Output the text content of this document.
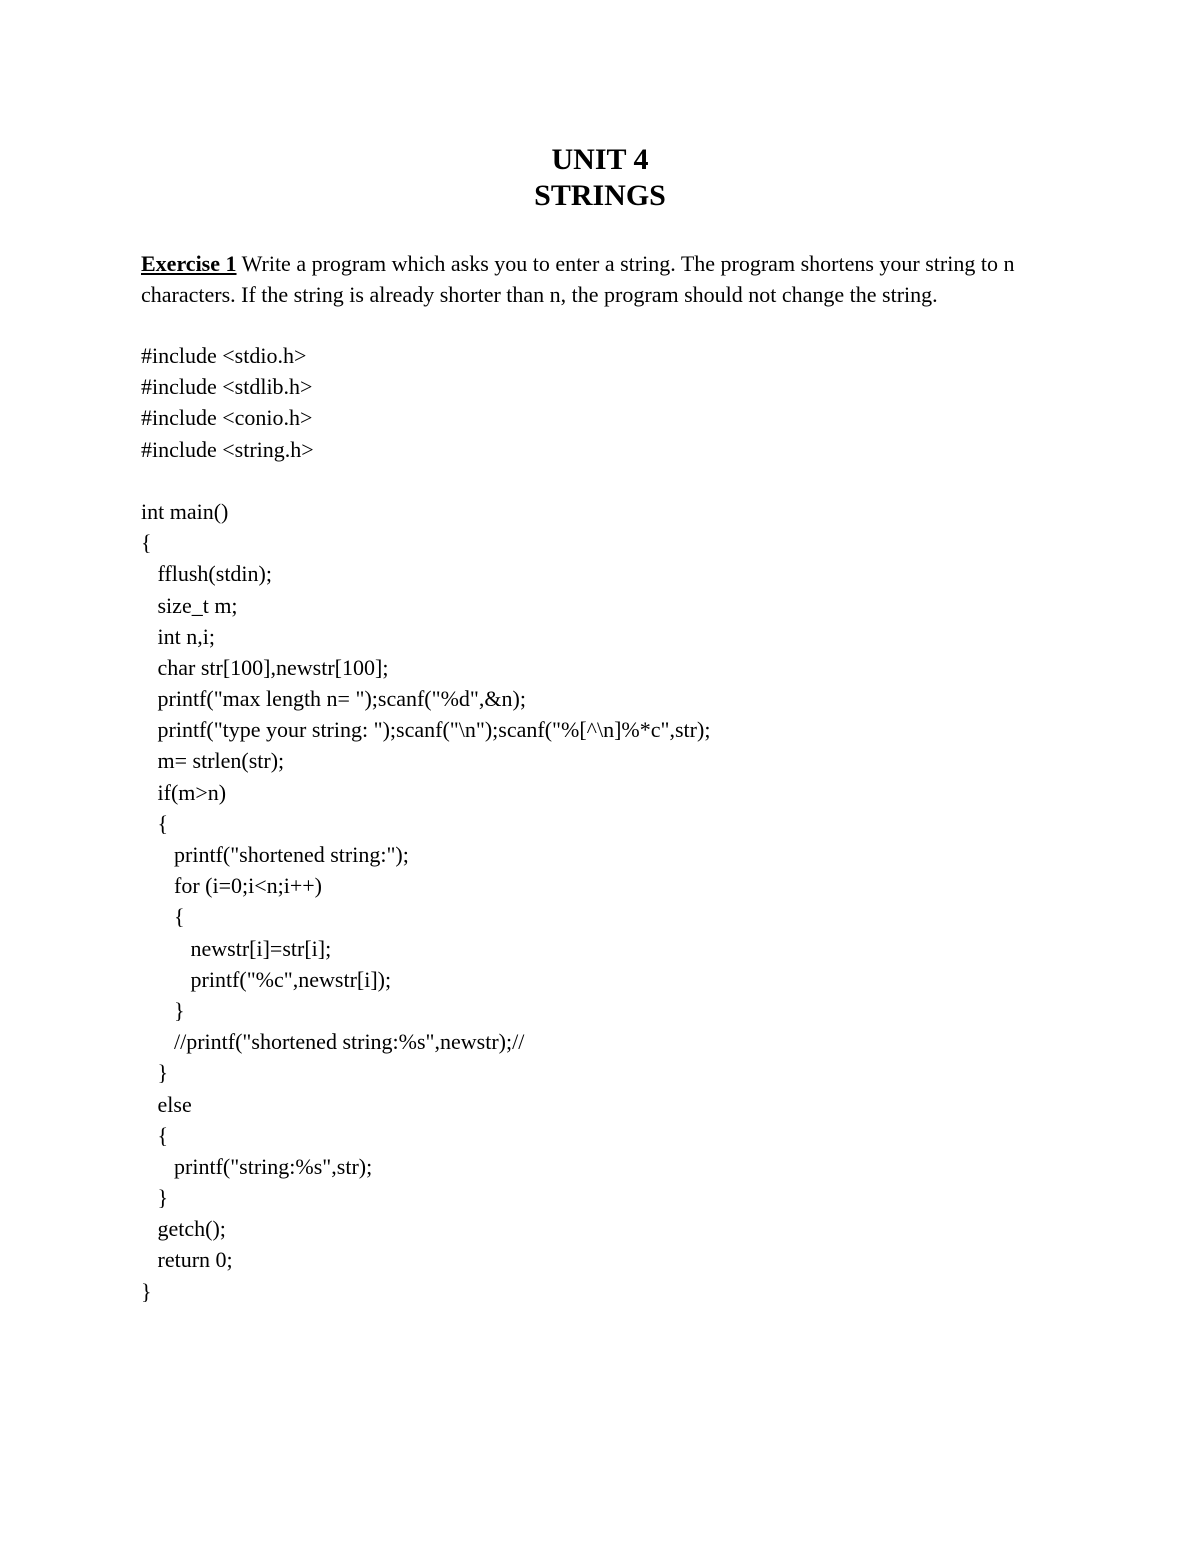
UNIT 4
STRINGS
Exercise 1 Write a program which asks you to enter a string. The program shortens your string to n characters. If the string is already shorter than n, the program should not change the string.
#include <stdio.h>
#include <stdlib.h>
#include <conio.h>
#include <string.h>
int main()
{
fflush(stdin);
size_t m;
int n,i;
char str[100],newstr[100];
printf("max length n= ");scanf("%d",&n);
printf("type your string: ");scanf("\n");scanf("%[^\n]%*c",str);
m= strlen(str);
if(m>n)
{
printf("shortened string:");
for (i=0;i<n;i++)
{
newstr[i]=str[i];
printf("%c",newstr[i]);
}
//printf("shortened string:%s",newstr);//
}
else
{
printf("string:%s",str);
}
getch();
return 0;
}
